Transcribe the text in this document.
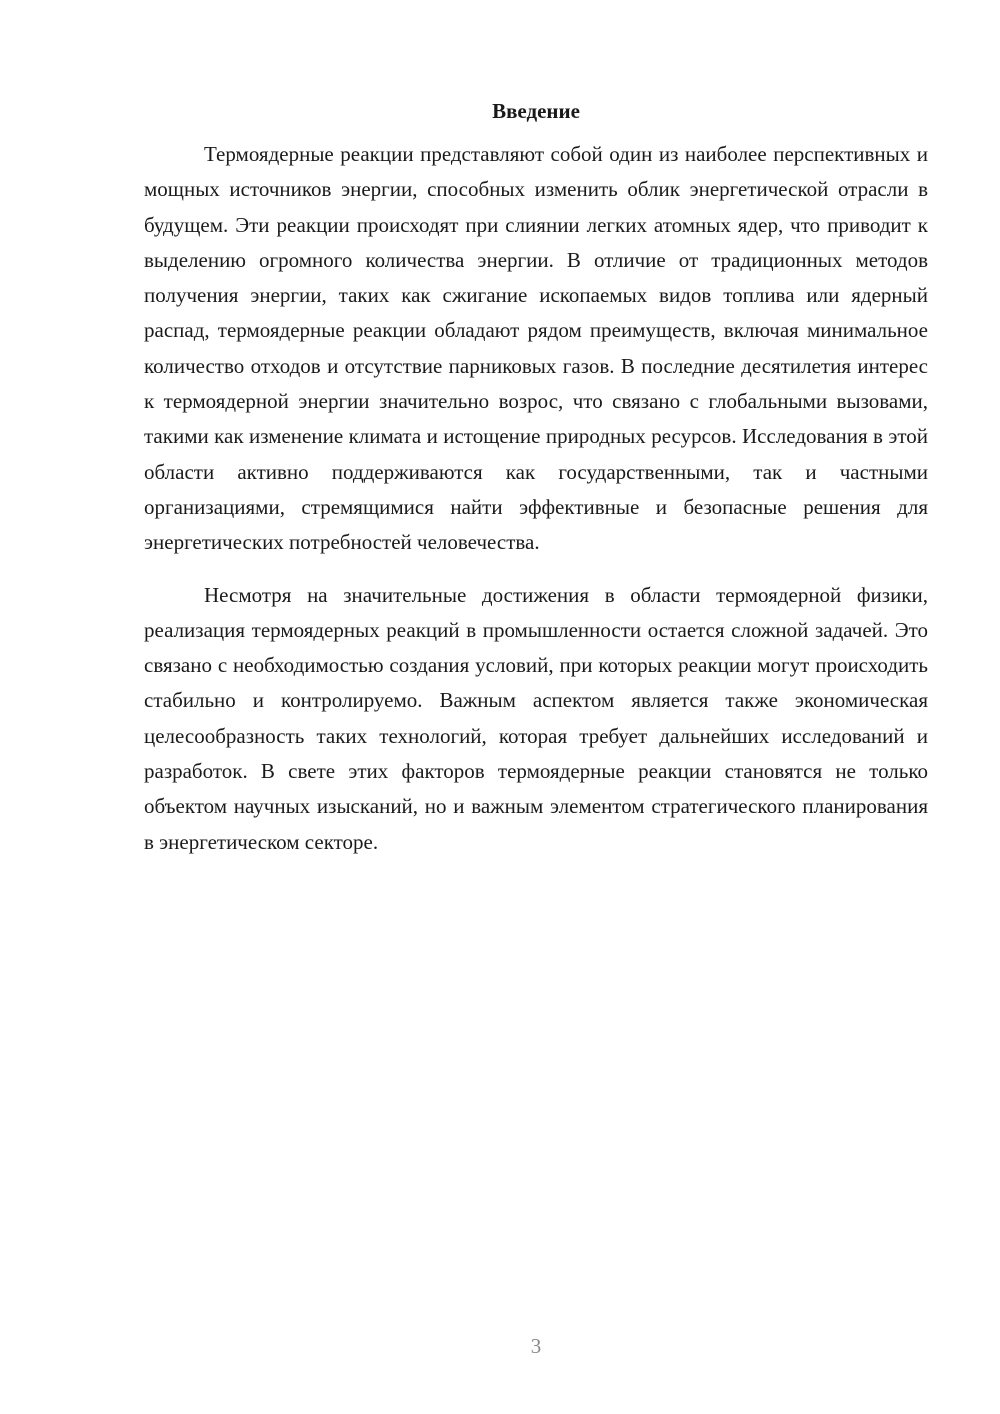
Введение

Термоядерные реакции представляют собой один из наиболее перспективных и мощных источников энергии, способных изменить облик энергетической отрасли в будущем. Эти реакции происходят при слиянии легких атомных ядер, что приводит к выделению огромного количества энергии. В отличие от традиционных методов получения энергии, таких как сжигание ископаемых видов топлива или ядерный распад, термоядерные реакции обладают рядом преимуществ, включая минимальное количество отходов и отсутствие парниковых газов. В последние десятилетия интерес к термоядерной энергии значительно возрос, что связано с глобальными вызовами, такими как изменение климата и истощение природных ресурсов. Исследования в этой области активно поддерживаются как государственными, так и частными организациями, стремящимися найти эффективные и безопасные решения для энергетических потребностей человечества.

Несмотря на значительные достижения в области термоядерной физики, реализация термоядерных реакций в промышленности остается сложной задачей. Это связано с необходимостью создания условий, при которых реакции могут происходить стабильно и контролируемо. Важным аспектом является также экономическая целесообразность таких технологий, которая требует дальнейших исследований и разработок. В свете этих факторов термоядерные реакции становятся не только объектом научных изысканий, но и важным элементом стратегического планирования в энергетическом секторе.

3
